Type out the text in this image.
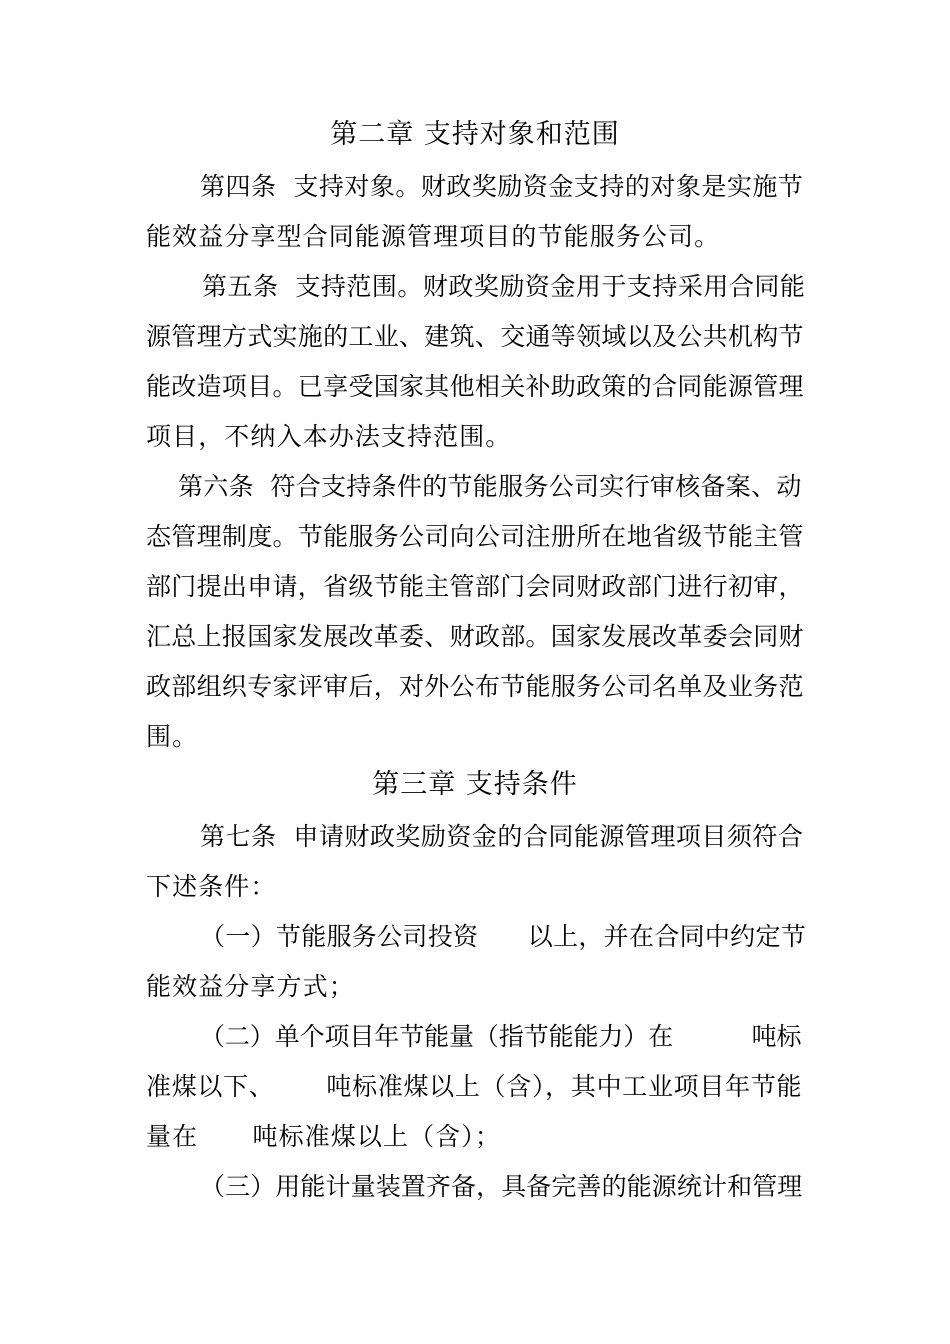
第二章 支持对象和范围
第四条  支持对象。财政奖励资金支持的对象是实施节
能效益分享型合同能源管理项目的节能服务公司。
第五条  支持范围。财政奖励资金用于支持采用合同能
源管理方式实施的工业、建筑、交通等领域以及公共机构节
能改造项目。已享受国家其他相关补助政策的合同能源管理
项目，不纳入本办法支持范围。
第六条  符合支持条件的节能服务公司实行审核备案、动
态管理制度。节能服务公司向公司注册所在地省级节能主管
部门提出申请，省级节能主管部门会同财政部门进行初审，
汇总上报国家发展改革委、财政部。国家发展改革委会同财
政部组织专家评审后，对外公布节能服务公司名单及业务范
围。
第三章 支持条件
第七条  申请财政奖励资金的合同能源管理项目须符合
下述条件：
（一）节能服务公司投资      以上，并在合同中约定节
能效益分享方式；
（二）单个项目年节能量（指节能能力）在          吨标
准煤以下、      吨标准煤以上（含），其中工业项目年节能
量在      吨标准煤以上（含）；
（三）用能计量装置齐备，具备完善的能源统计和管理
